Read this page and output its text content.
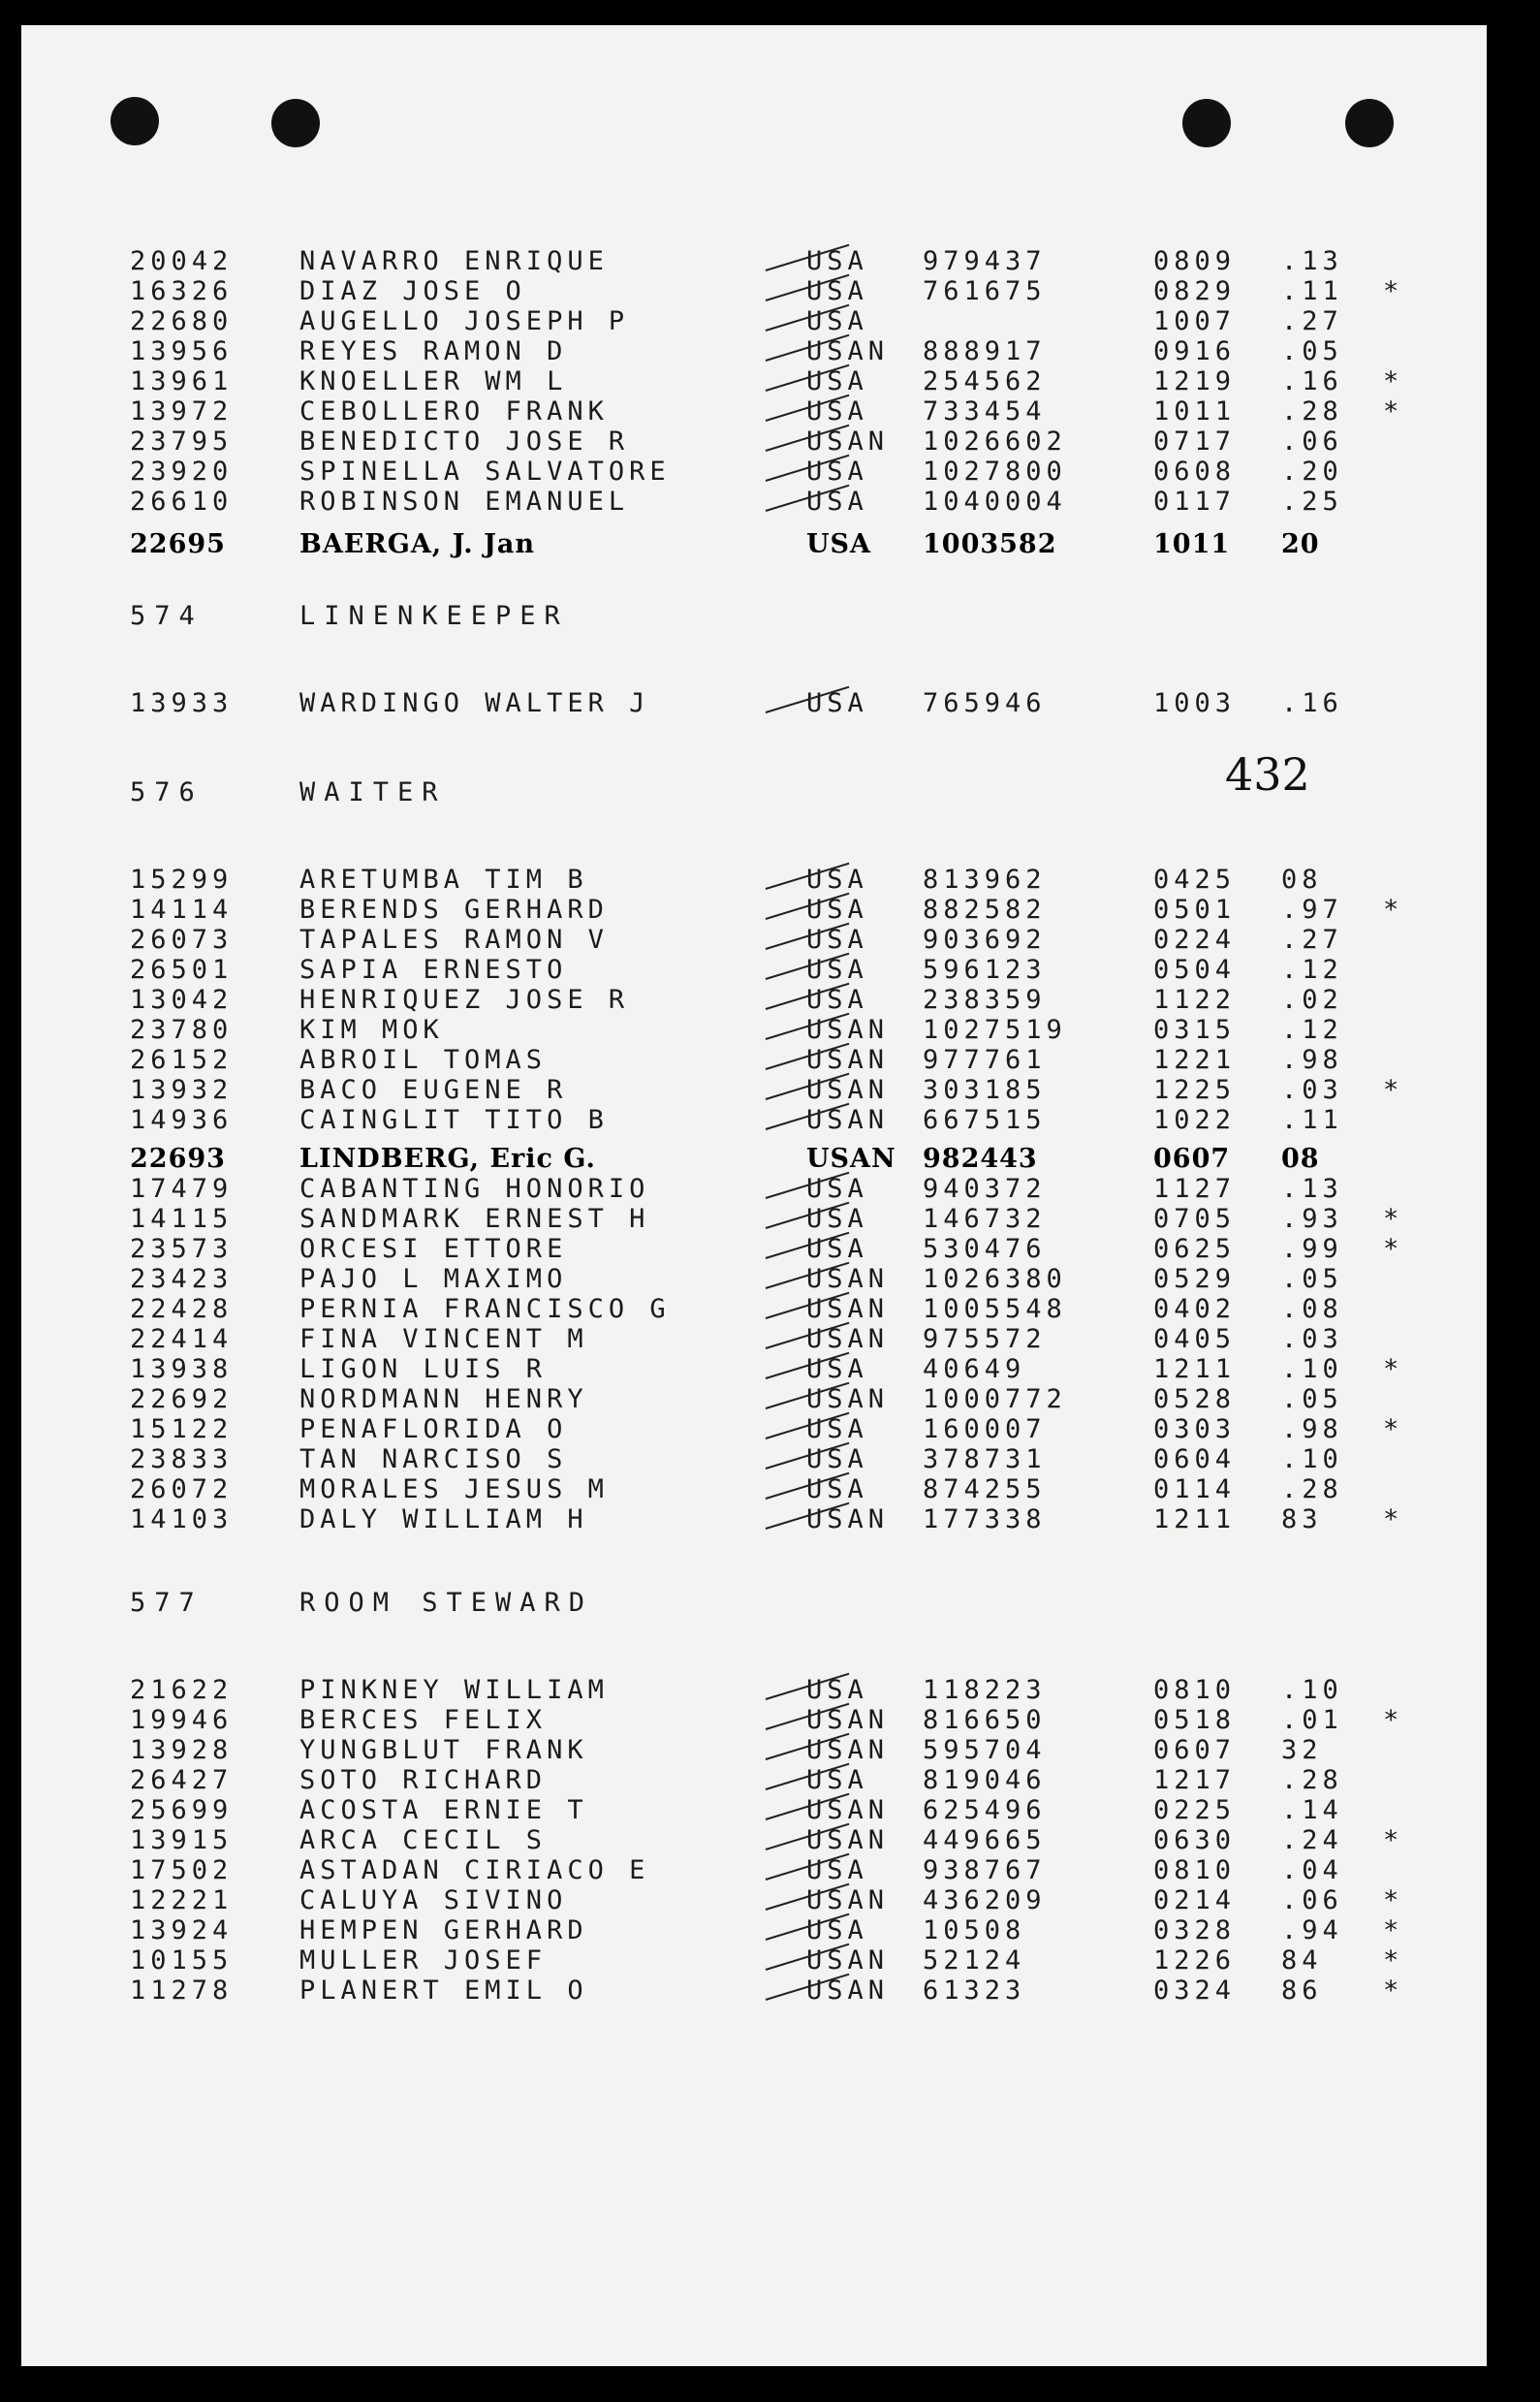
432
20042	NAVARRO ENRIQUE	USA 979437	0809 .13
16326	DIAZ JOSE O	USA 761675	0829 .11 *
22680	AUGELLO JOSEPH P	USA	1007 .27
13956	REYES RAMON D	USAN 888917	0916 .05
13961	KNOELLER WM L	USA 254562	1219 .16 *
13972	CEBOLLERO FRANK	USA 733454	1011 .28 *
23795	BENEDICTO JOSE R	USAN 1026602	0717 .06
23920	SPINELLA SALVATORE	USA 1027800	0608 .20
26610	ROBINSON EMANUEL	USA 1040004	0117 .25
22695	BAERGA, J. Jan	USA 1003582	1011 20
574	LINENKEEPER
13933	WARDINGO WALTER J	USA 765946	1003 .16
576	WAITER
15299	ARETUMBA TIM B	USA 813962	0425 08
14114	BERENDS GERHARD	USA 882582	0501 .97 *
26073	TAPALES RAMON V	USA 903692	0224 .27
26501	SAPIA ERNESTO	USA 596123	0504 .12
13042	HENRIQUEZ JOSE R	USA 238359	1122 .02
23780	KIM MOK	USAN 1027519	0315 .12
26152	ABROIL TOMAS	USAN 977761	1221 .98
13932	BACO EUGENE R	USAN 303185	1225 .03 *
14936	CAINGLIT TITO B	USAN 667515	1022 .11
22693	LINDBERG, Eric G.	USAN 982443	0607 08
17479	CABANTING HONORIO	USA 940372	1127 .13
14115	SANDMARK ERNEST H	USA 146732	0705 .93 *
23573	ORCESI ETTORE	USA 530476	0625 .99 *
23423	PAJO L MAXIMO	USAN 1026380	0529 .05
22428	PERNIA FRANCISCO G	USAN 1005548	0402 .08
22414	FINA VINCENT M	USAN 975572	0405 .03
13938	LIGON LUIS R	USA 40649	1211 .10 *
22692	NORDMANN HENRY	USAN 1000772	0528 .05
15122	PENAFLORIDA O	USA 160007	0303 .98 *
23833	TAN NARCISO S	USA 378731	0604 .10
26072	MORALES JESUS M	USA 874255	0114 .28
14103	DALY WILLIAM H	USAN 177338	1211 83 *
577	ROOM STEWARD
21622	PINKNEY WILLIAM	USA 118223	0810 .10
19946	BERCES FELIX	USAN 816650	0518 .01 *
13928	YUNGBLUT FRANK	USAN 595704	0607 32
26427	SOTO RICHARD	USA 819046	1217 .28
25699	ACOSTA ERNIE T	USAN 625496	0225 .14
13915	ARCA CECIL S	USAN 449665	0630 .24 *
17502	ASTADAN CIRIACO E	USA 938767	0810 .04
12221	CALUYA SIVINO	USAN 436209	0214 .06 *
13924	HEMPEN GERHARD	USA 10508	0328 .94 *
10155	MULLER JOSEF	USAN 52124	1226 84 *
11278	PLANERT EMIL O	USAN 61323	0324 86 *
